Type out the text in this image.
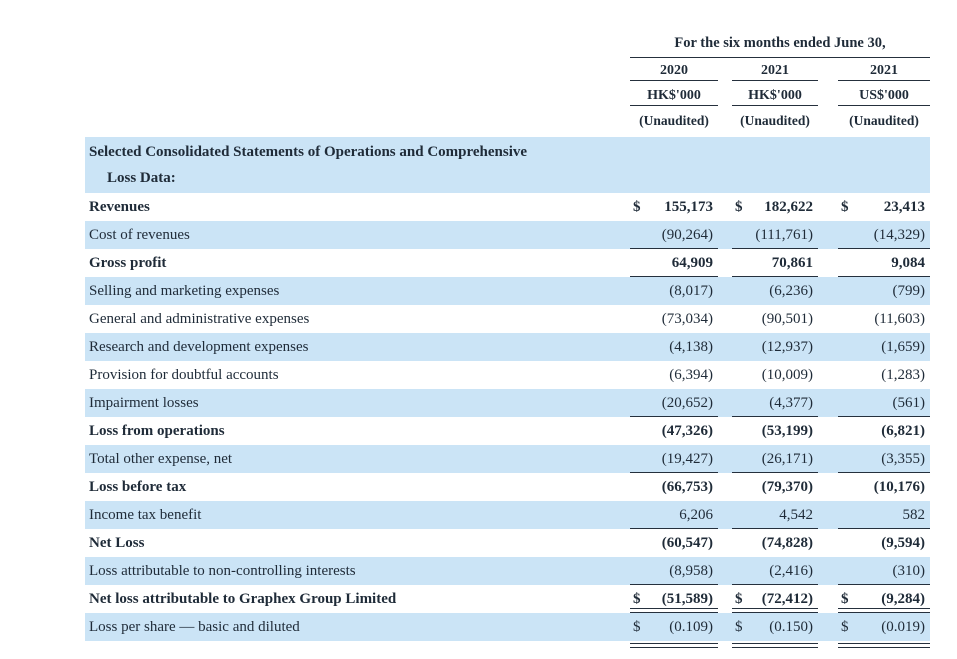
For the six months ended June 30,
2020	2021	2021
HK$'000	HK$'000	US$'000
(Unaudited)	(Unaudited)	(Unaudited)
Selected Consolidated Statements of Operations and Comprehensive
Loss Data:
Revenues	$ 155,173 $ 182,622 $ 23,413
Cost of revenues	(90,264)	(111,761)	(14,329)
Gross profit	64,909	70,861	9,084
Selling and marketing expenses	(8,017)	(6,236)	(799)
General and administrative expenses	(73,034)	(90,501)	(11,603)
Research and development expenses	(4,138)	(12,937)	(1,659)
Provision for doubtful accounts	(6,394)	(10,009)	(1,283)
Impairment losses	(20,652)	(4,377)	(561)
Loss from operations	(47,326)	(53,199)	(6,821)
Total other expense, net	(19,427)	(26,171)	(3,355)
Loss before tax	(66,753)	(79,370)	(10,176)
Income tax benefit	6,206	4,542	582
Net Loss	(60,547)	(74,828)	(9,594)
Loss attributable to non-controlling interests	(8,958)	(2,416)	(310)
Net loss attributable to Graphex Group Limited	$ (51,589) $ (72,412) $ (9,284)
Loss per share — basic and diluted	$ (0.109) $ (0.150) $ (0.019)
